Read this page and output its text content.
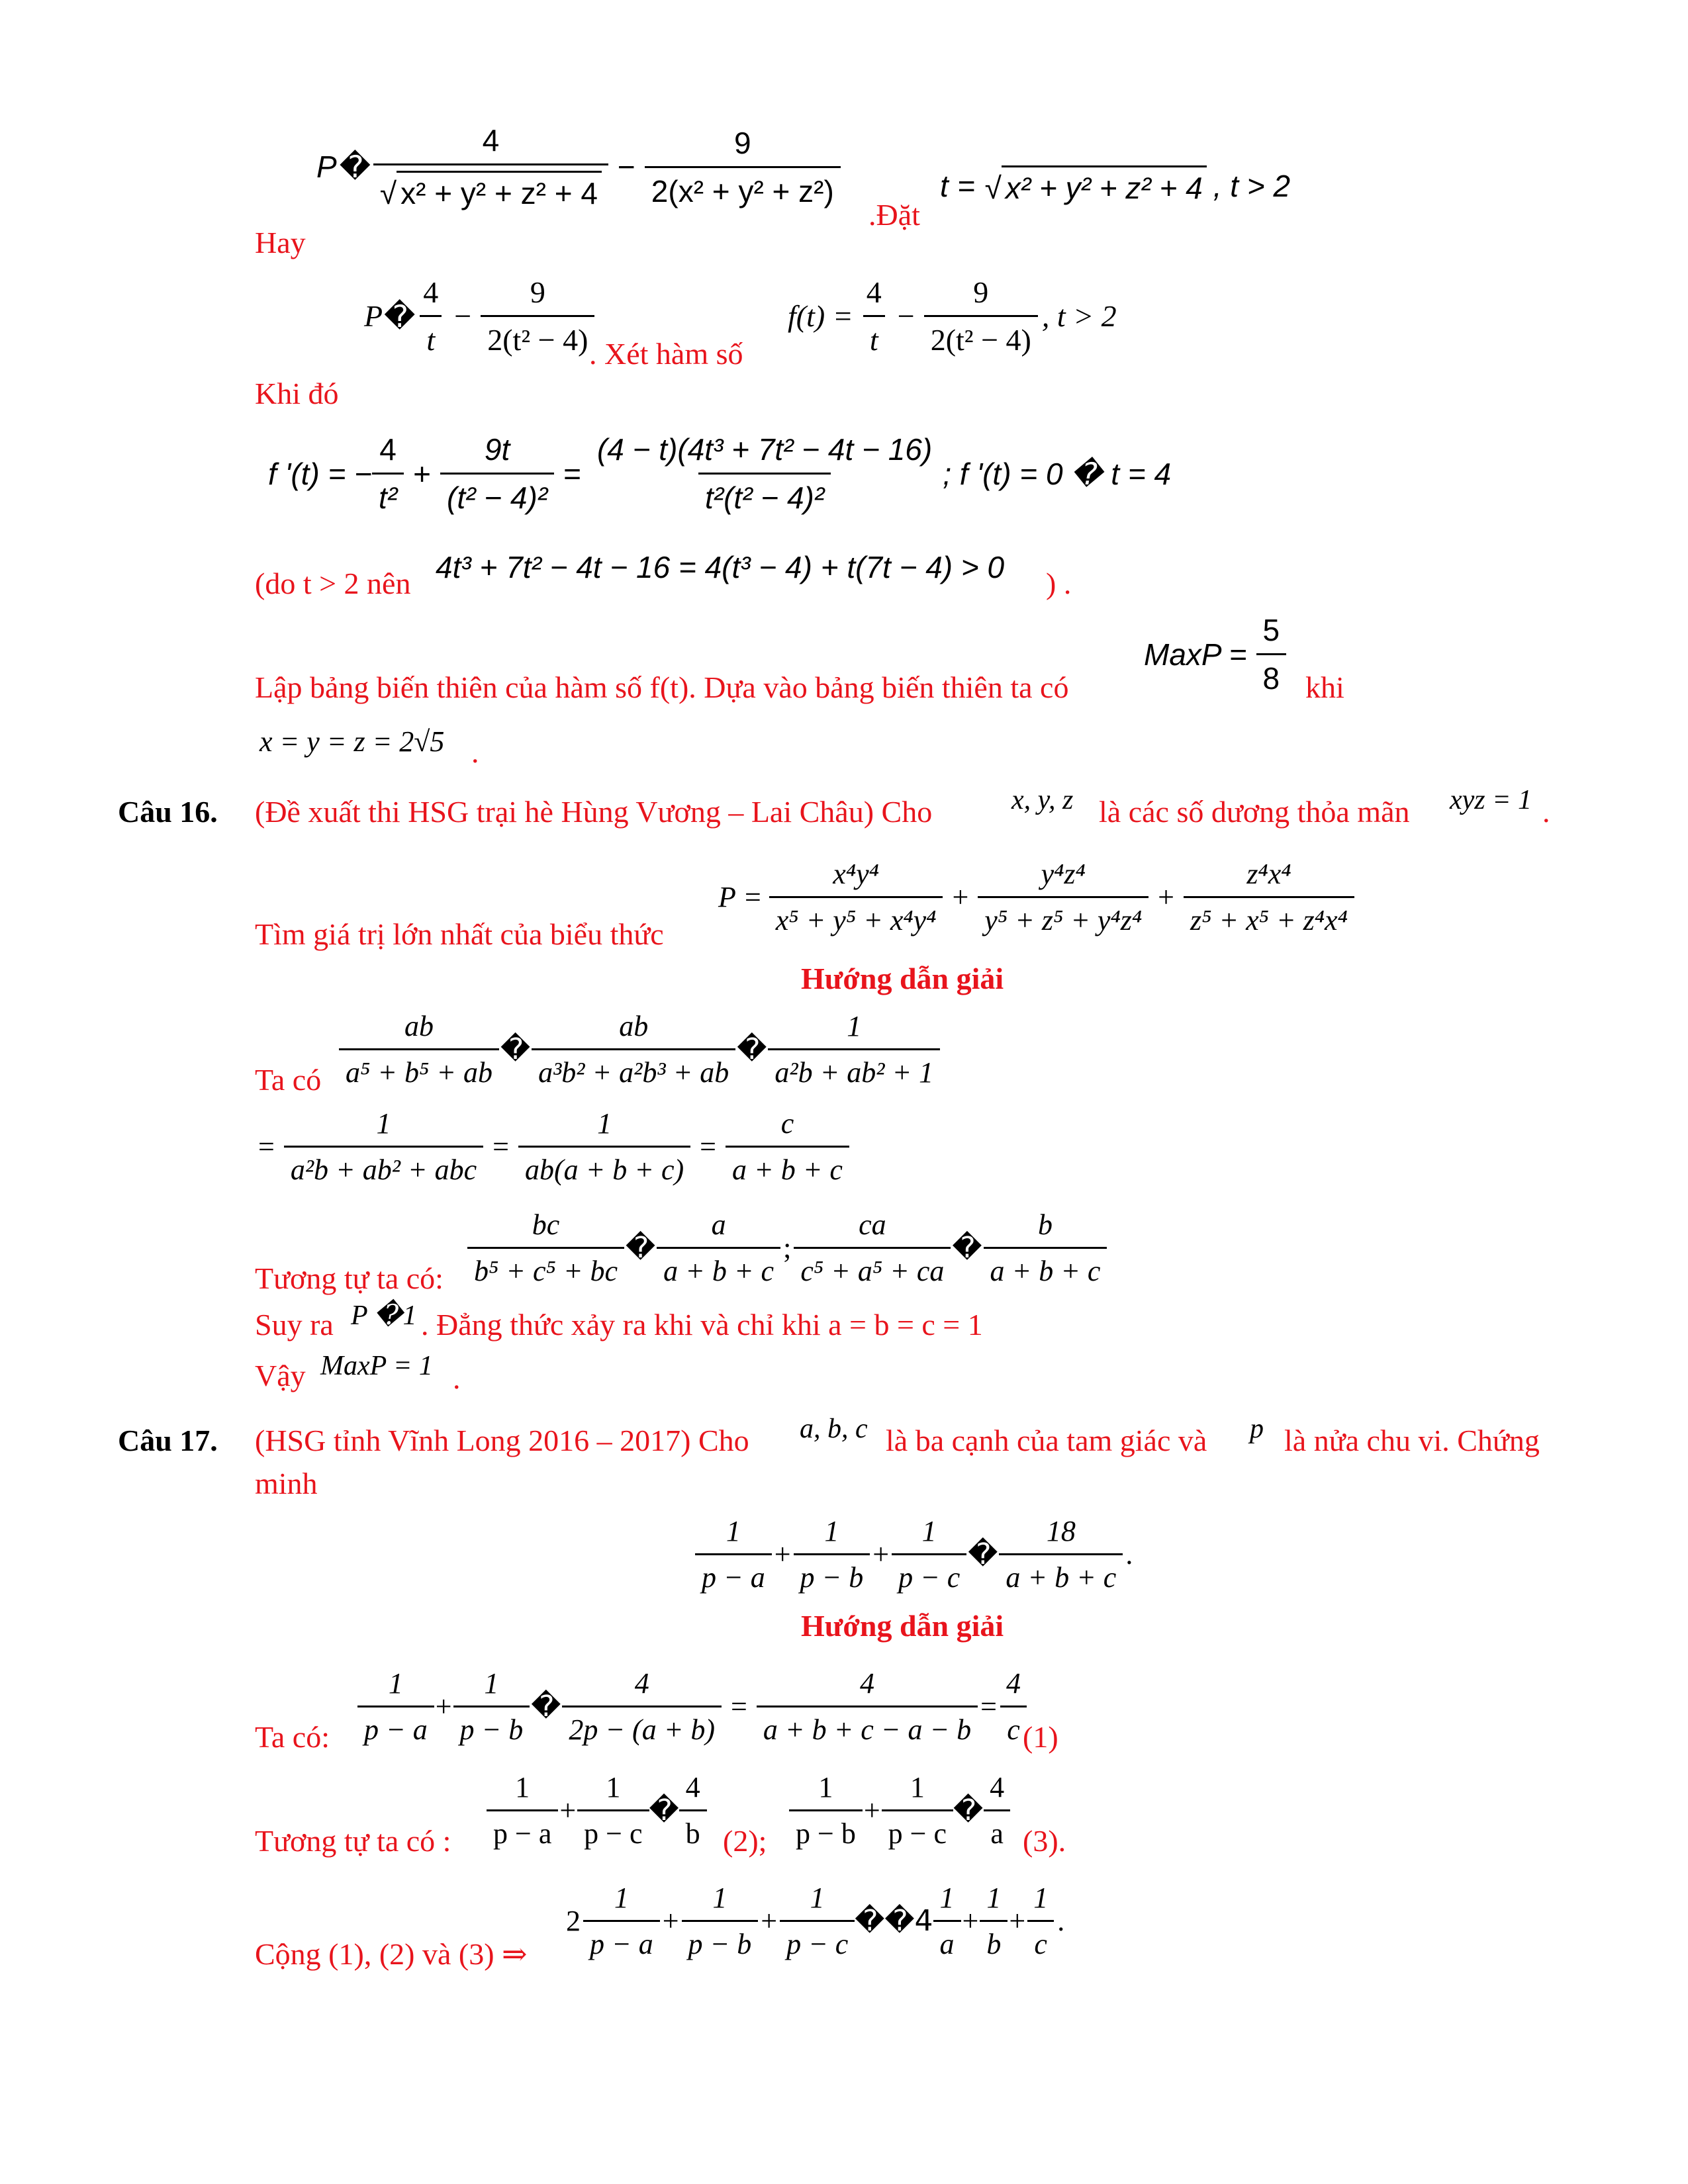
P � $\frac{4}{\text{√ x² + y² + z² + 4}} - \frac{9}{\text{2(x² + y² + z²)}}$
.Đặt
t = √ x² + y² + z² + 4 , t > 2
Hay
P � $\frac{4}{t} - \frac{9}{\text{2(t² − 4)}}$
. Xét hàm số
$f(t) = \frac{4}{t} - \frac{9}{\text{2(t² − 4)}}$ , t > 2
Khi đó
f '(t) = − $\frac{4}{\text{t²}} + \frac{9t}{\text{(t² − 4)²}} = \frac{\text{(4 − t)(4t³ + 7t² − 4t − 16)}}{\text{t²(t² − 4)²}}$ ; f '(t) = 0 � t = 4
(do t > 2 nên 4t³ + 7t² − 4t − 16 = 4(t³ − 4) + t(7t − 4) > 0 ) .
MaxP = $\frac{5}{8}$
Lập bảng biến thiên của hàm số f(t). Dựa vào bảng biến thiên ta có	khi
x = y = z = 2√5 .
Câu 16. (Đề xuất thi HSG trại hè Hùng Vương – Lai Châu) Cho	x, y, z là các số dương thỏa mãn xyz = 1 .
$P = \frac{\text{x⁴y⁴}}{\text{x⁵ + y⁵ + x⁴y⁴}} + \frac{\text{y⁴z⁴}}{\text{y⁵ + z⁵ + y⁴z⁴}} + \frac{\text{z⁴x⁴}}{\text{z⁵ + x⁵ + z⁴x⁴}}$
Tìm giá trị lớn nhất của biểu thức
Hướng dẫn giải
Ta có $\frac{ab}{\text{a⁵ + b⁵ + ab}}$ � $\frac{ab}{\text{a³b² + a²b³ + ab}}$ � $\frac{1}{\text{a²b + ab² + 1}}$
= $\frac{1}{\text{a²b + ab² + abc}} = \frac{1}{ab(a + b + c)} = \frac{c}{a + b + c}$
Tương tự ta có: $\frac{bc}{\text{b⁵ + c⁵ + bc}}$ � $\frac{a}{a + b + c}$ ; $\frac{ca}{\text{c⁵ + a⁵ + ca}}$ � $\frac{b}{a + b + c}$
Suy ra P �1 . Đẳng thức xảy ra khi và chỉ khi a = b = c = 1
Vậy MaxP = 1 .
Câu 17. (HSG tỉnh Vĩnh Long 2016 – 2017) Cho a, b, c là ba cạnh của tam giác và p là nửa chu vi. Chứng
minh
$\frac{1}{p - a} + \frac{1}{p - b} + \frac{1}{p - c}$ � $\frac{18}{a + b + c}$ .
Hướng dẫn giải
Ta có: $\frac{1}{p - a} + \frac{1}{p - b}$ � $\frac{4}{2p - (a + b)} = \frac{4}{a + b + c - a - b} = \frac{4}{c}$
(1)
Tương tự ta có : $\frac{1}{p - a} + \frac{1}{p - c}$ � $\frac{4}{b} (2)$; $\frac{1}{p - b} + \frac{1}{p - c}$ � $\frac{4}{a} (3)$.
Cộng (1), (2) và (3) ⇒
$2 \frac{1}{p - a} + \frac{1}{p - b} + \frac{1}{p - c}$ ��4 $\frac{1}{a} + \frac{1}{b} + \frac{1}{c}$ .
